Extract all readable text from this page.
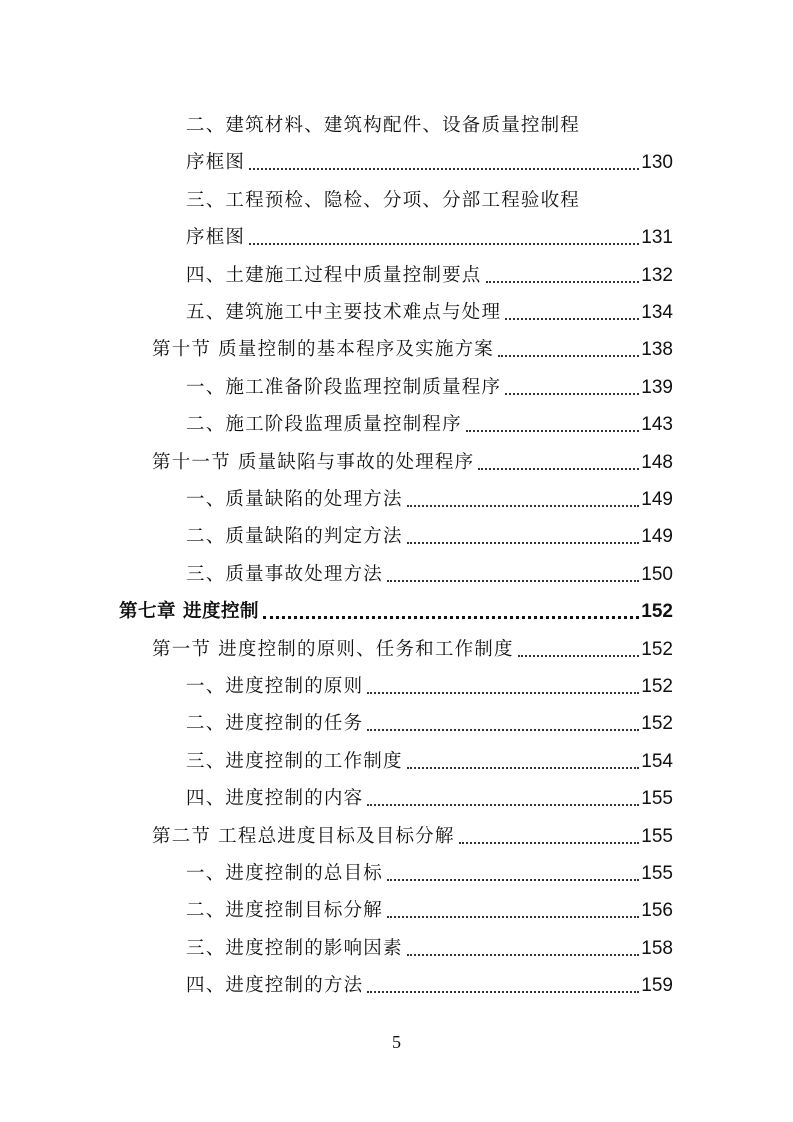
二、建筑材料、建筑构配件、设备质量控制程
序框图	130
三、工程预检、隐检、分项、分部工程验收程
序框图	131
四、土建施工过程中质量控制要点	132
五、建筑施工中主要技术难点与处理	134
第十节 质量控制的基本程序及实施方案	138
一、施工准备阶段监理控制质量程序	139
二、施工阶段监理质量控制程序	143
第十一节 质量缺陷与事故的处理程序	148
一、质量缺陷的处理方法	149
二、质量缺陷的判定方法	149
三、质量事故处理方法	150
第七章 进度控制	152
第一节 进度控制的原则、任务和工作制度	152
一、进度控制的原则	152
二、进度控制的任务	152
三、进度控制的工作制度	154
四、进度控制的内容	155
第二节 工程总进度目标及目标分解	155
一、进度控制的总目标	155
二、进度控制目标分解	156
三、进度控制的影响因素	158
四、进度控制的方法	159
5
